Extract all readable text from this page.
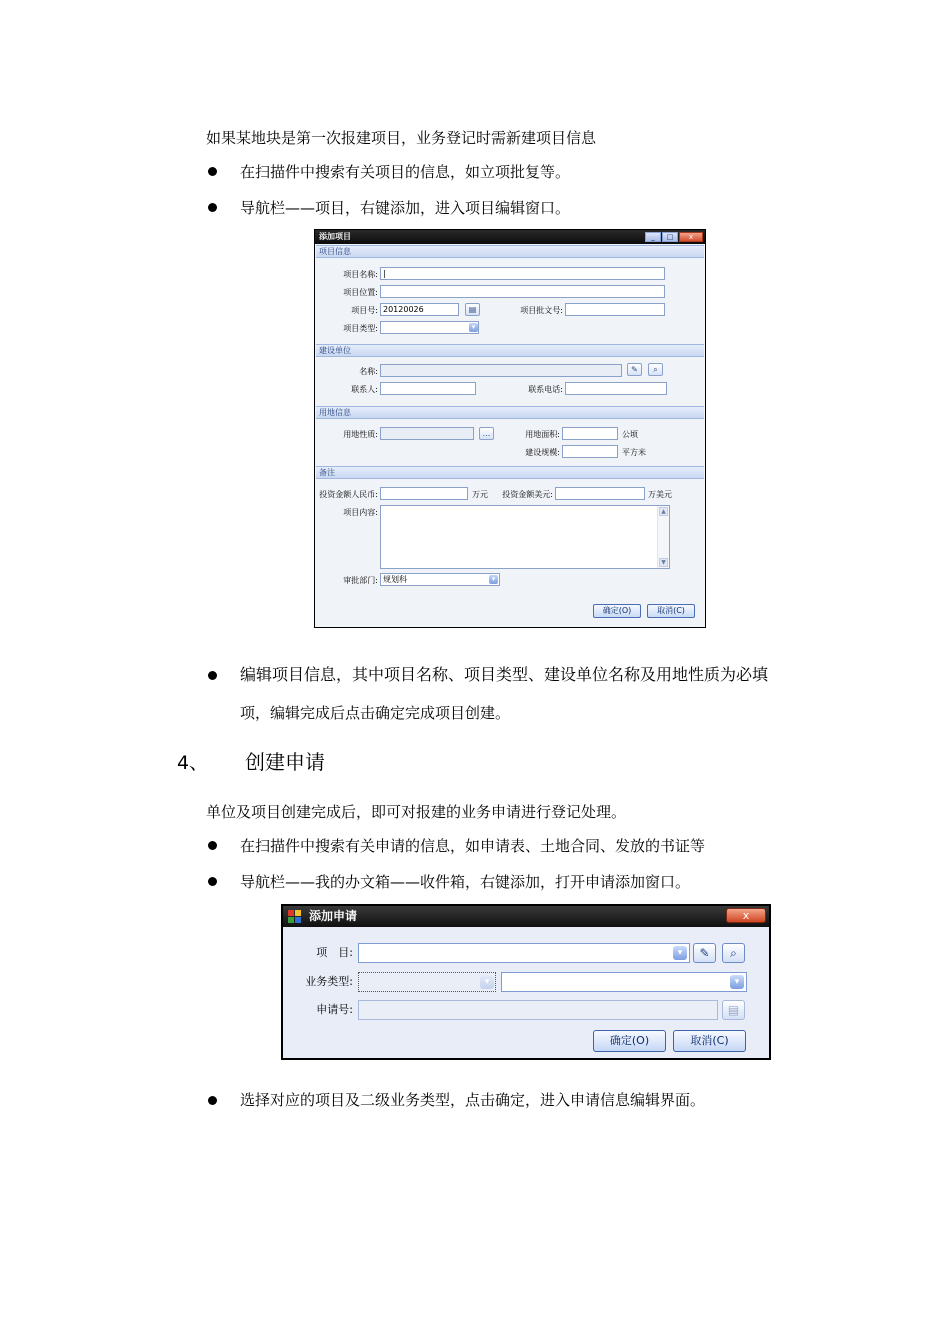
如果某地块是第一次报建项目，业务登记时需新建项目信息
在扫描件中搜索有关项目的信息，如立项批复等。
导航栏——项目，右键添加，进入项目编辑窗口。
添加项目	_	□	x
项目信息
项目名称: |
项目位置:
项目号: 20120026	▤	项目批文号:
项目类型:	▾
建设单位
名称:	✎	⌕
联系人:	联系电话:
用地信息
用地性质:	...	用地面积:	公顷
建设规模:	平方米
备注
投资金额人民币:	万元	投资金额美元:	万美元
项目内容:	▲
▼
审批部门: 规划科	▾
确定(O)	取消(C)
编辑项目信息，其中项目名称、项目类型、建设单位名称及用地性质为必填
项，编辑完成后点击确定完成项目创建。
4、 创建申请
单位及项目创建完成后，即可对报建的业务申请进行登记处理。
在扫描件中搜索有关申请的信息，如申请表、土地合同、发放的书证等
导航栏——我的办文箱——收件箱，右键添加，打开申请添加窗口。
添加申请	x
项　目:	▾	✎	⌕
业务类型:	▾	▾
申请号:	▤
确定(O)	取消(C)
选择对应的项目及二级业务类型，点击确定，进入申请信息编辑界面。
